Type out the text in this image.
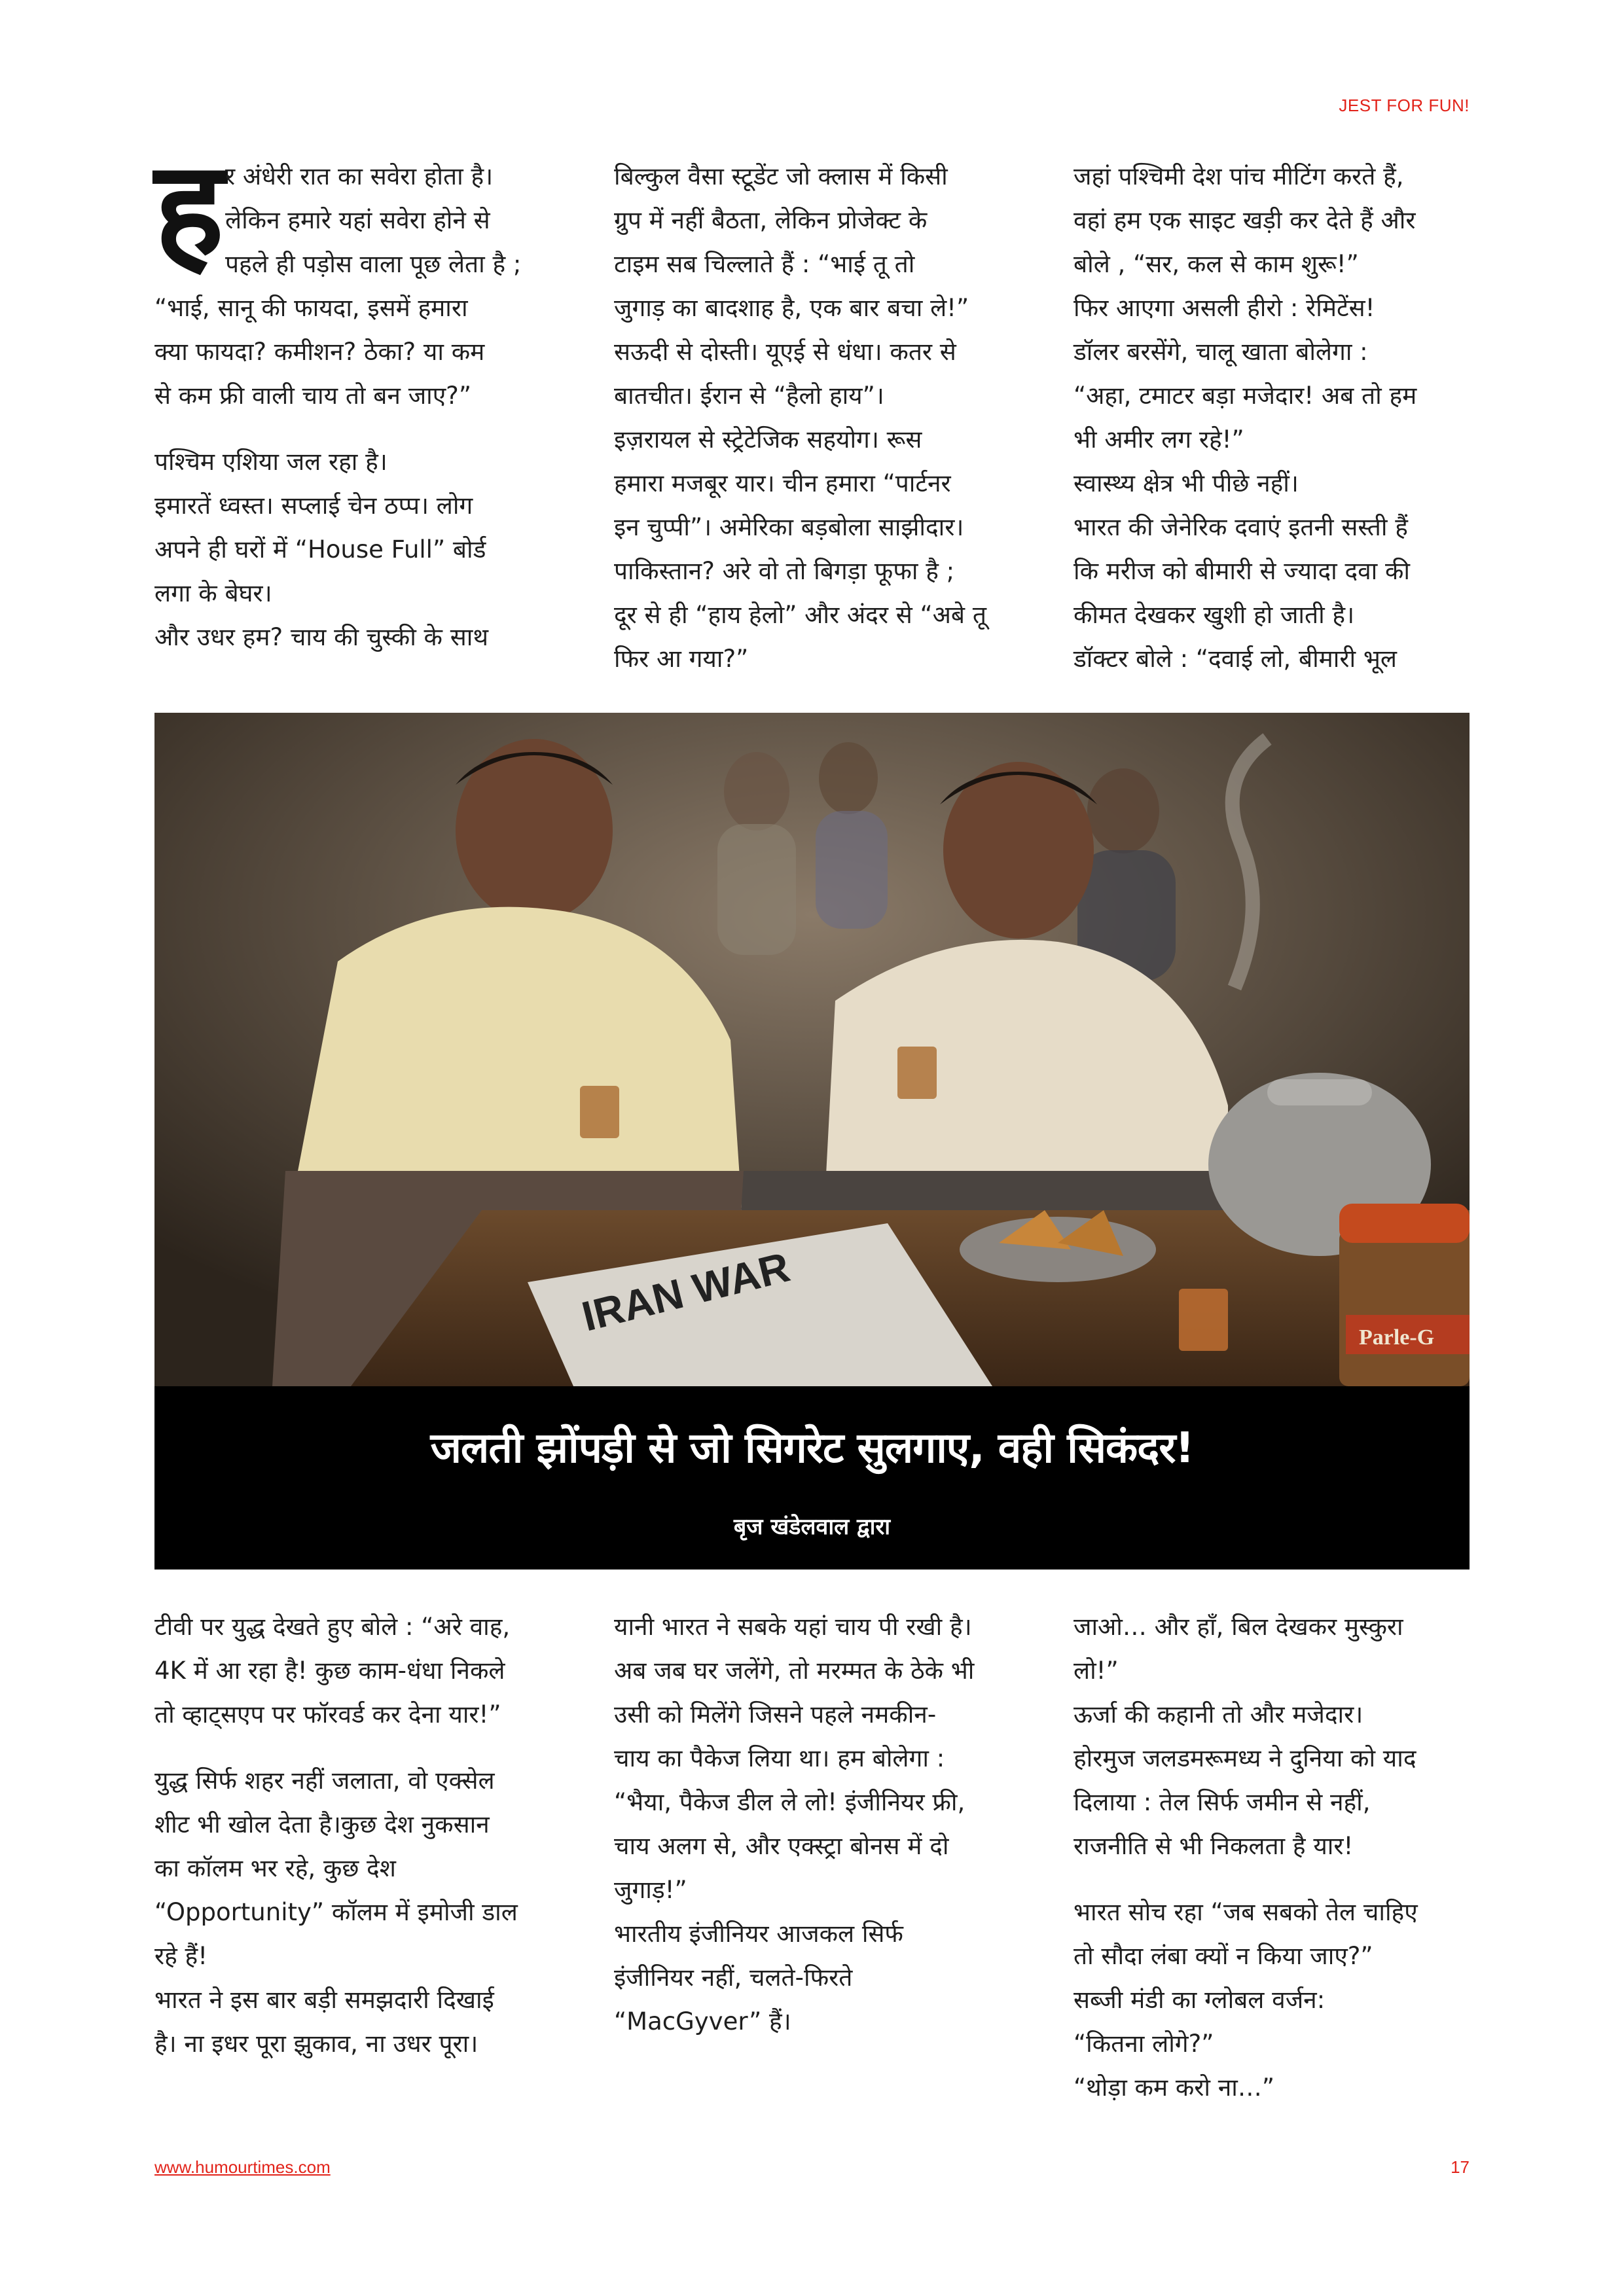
JEST FOR FUN!
ह र अंधेरी रात का सवेरा होता है।

लेकिन हमारे यहां सवेरा होने से

पहले ही पड़ोस वाला पूछ लेता है ;

“भाई, सानू की फायदा, इसमें हमारा

क्या फायदा? कमीशन? ठेका? या कम

से कम फ्री वाली चाय तो बन जाए?”

पश्चिम एशिया जल रहा है।

इमारतें ध्वस्त। सप्लाई चेन ठप्प। लोग

अपने ही घरों में “House Full” बोर्ड

लगा के बेघर।

और उधर हम? चाय की चुस्की के साथ

बिल्कुल वैसा स्टूडेंट जो क्लास में किसी

ग्रुप में नहीं बैठता, लेकिन प्रोजेक्ट के

टाइम सब चिल्लाते हैं : “भाई तू तो

जुगाड़ का बादशाह है, एक बार बचा ले!”

सऊदी से दोस्ती। यूएई से धंधा। कतर से

बातचीत। ईरान से “हैलो हाय”।

इज़रायल से स्ट्रेटेजिक सहयोग। रूस

हमारा मजबूर यार। चीन हमारा “पार्टनर

इन चुप्पी”। अमेरिका बड़बोला साझीदार।

पाकिस्तान? अरे वो तो बिगड़ा फूफा है ;

दूर से ही “हाय हेलो” और अंदर से “अबे तू

फिर आ गया?”

जहां पश्चिमी देश पांच मीटिंग करते हैं,

वहां हम एक साइट खड़ी कर देते हैं और

बोले , “सर, कल से काम शुरू!”

फिर आएगा असली हीरो : रेमिटेंस!

डॉलर बरसेंगे, चालू खाता बोलेगा :

“अहा, टमाटर बड़ा मजेदार! अब तो हम

भी अमीर लग रहे!”

स्वास्थ्य क्षेत्र भी पीछे नहीं।

भारत की जेनेरिक दवाएं इतनी सस्ती हैं

कि मरीज को बीमारी से ज्यादा दवा की

कीमत देखकर खुशी हो जाती है।

डॉक्टर बोले : “दवाई लो, बीमारी भूल

IRAN WAR	Parle-G
जलती झोंपड़ी से जो सिगरेट सुलगाए, वही सिकंदर!
बृज खंडेलवाल द्वारा

टीवी पर युद्ध देखते हुए बोले : “अरे वाह,

4K में आ रहा है! कुछ काम-धंधा निकले

तो व्हाट्सएप पर फॉरवर्ड कर देना यार!”

युद्ध सिर्फ शहर नहीं जलाता, वो एक्सेल

शीट भी खोल देता है।कुछ देश नुकसान

का कॉलम भर रहे, कुछ देश

“Opportunity” कॉलम में इमोजी डाल

रहे हैं!

भारत ने इस बार बड़ी समझदारी दिखाई

है। ना इधर पूरा झुकाव, ना उधर पूरा।

यानी भारत ने सबके यहां चाय पी रखी है।

अब जब घर जलेंगे, तो मरम्मत के ठेके भी

उसी को मिलेंगे जिसने पहले नमकीन-

चाय का पैकेज लिया था। हम बोलेगा :

“भैया, पैकेज डील ले लो! इंजीनियर फ्री,

चाय अलग से, और एक्स्ट्रा बोनस में दो

जुगाड़!”

भारतीय इंजीनियर आजकल सिर्फ

इंजीनियर नहीं, चलते-फिरते

“MacGyver” हैं।

जाओ… और हाँ, बिल देखकर मुस्कुरा

लो!”

ऊर्जा की कहानी तो और मजेदार।

होरमुज जलडमरूमध्य ने दुनिया को याद

दिलाया : तेल सिर्फ जमीन से नहीं,

राजनीति से भी निकलता है यार!

भारत सोच रहा “जब सबको तेल चाहिए

तो सौदा लंबा क्यों न किया जाए?”

सब्जी मंडी का ग्लोबल वर्जन:

“कितना लोगे?”

“थोड़ा कम करो ना…”

www.humourtimes.com	17
